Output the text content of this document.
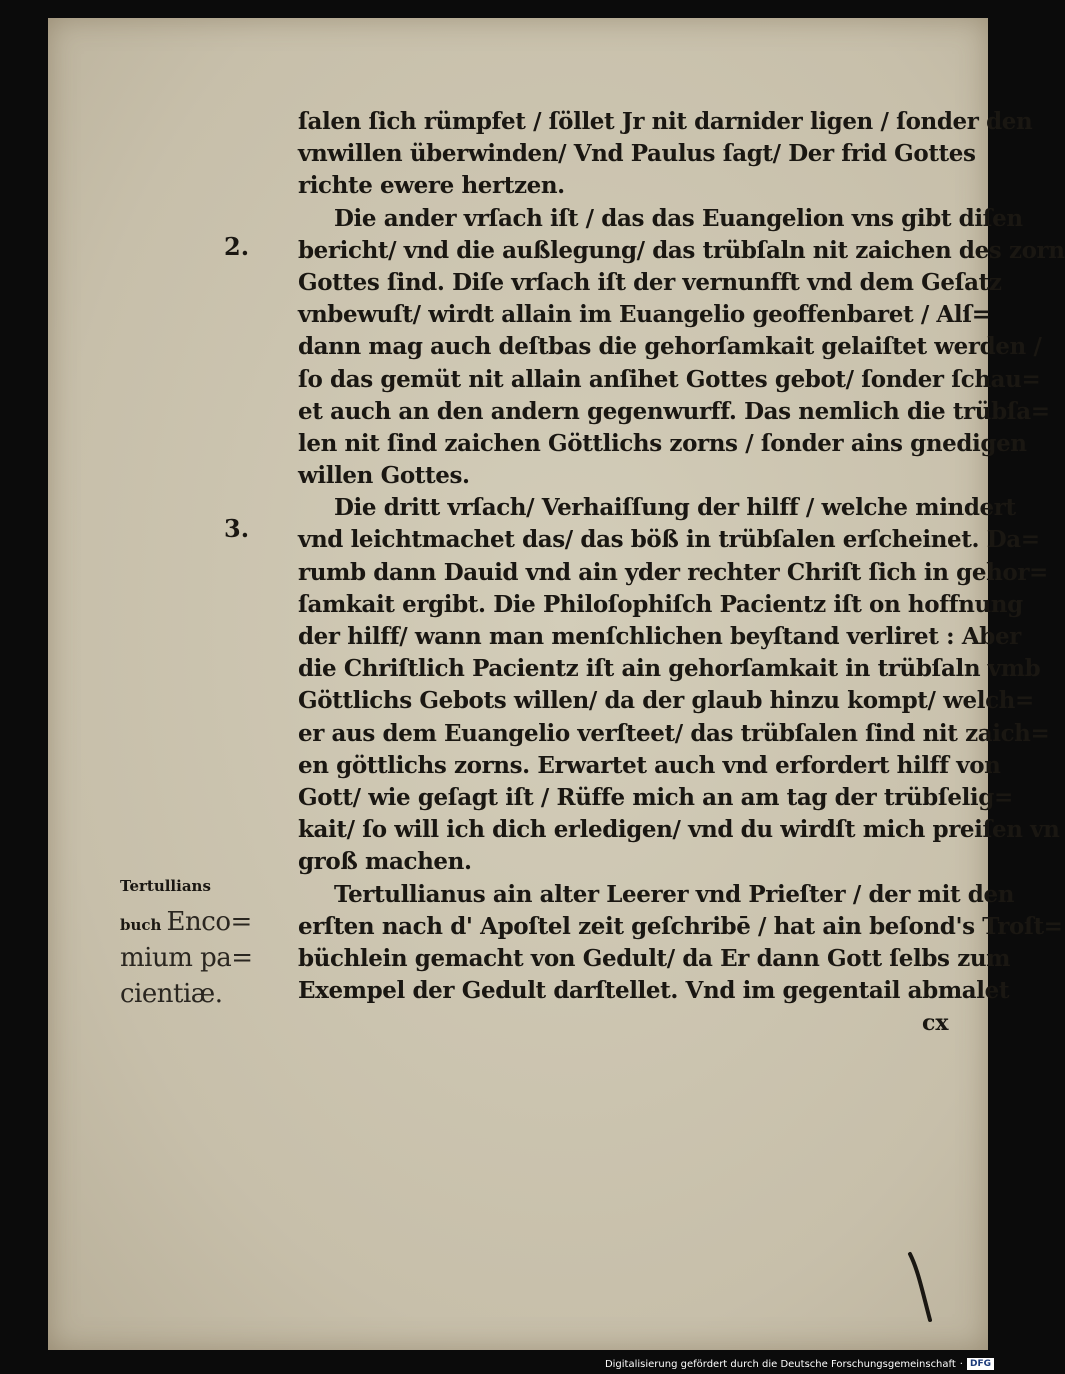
2.
3.
ſalen ſich rümpfet / ſöllet Jr nit darnider ligen / ſonder den
vnwillen überwinden/ Vnd Paulus ſagt/ Der frid Gottes
richte ewere hertzen.
Die ander vrſach iſt / das das Euangelion vns gibt diſen
bericht/ vnd die außlegung/ das trübſaln nit zaichen des zorn
Gottes ſind. Diſe vrſach iſt der vernunfft vnd dem Geſatz
vnbewuſt/ wirdt allain im Euangelio geoffenbaret / Alſ=
dann mag auch deſtbas die gehorſamkait gelaiſtet werden /
ſo das gemüt nit allain anſihet Gottes gebot/ ſonder ſchau=
et auch an den andern gegenwurff. Das nemlich die trübſa=
len nit ſind zaichen Göttlichs zorns / ſonder ains gnedigen
willen Gottes.
Die dritt vrſach/ Verhaiſſung der hilff / welche mindert
vnd leichtmachet das/ das böß in trübſalen erſcheinet. Da=
rumb dann Dauid vnd ain yder rechter Chriſt ſich in gehor=
ſamkait ergibt. Die Philoſophiſch Pacientz iſt on hoffnung
der hilff/ wann man menſchlichen beyſtand verliret : Aber
die Chriſtlich Pacientz iſt ain gehorſamkait in trübſaln vmb
Göttlichs Gebots willen/ da der glaub hinzu kompt/ welch=
er aus dem Euangelio verſteet/ das trübſalen ſind nit zaich=
en göttlichs zorns. Erwartet auch vnd erfordert hilff von
Gott/ wie geſagt iſt / Rüffe mich an am tag der trübſelig=
kait/ ſo will ich dich erledigen/ vnd du wirdſt mich preiſen vn
groß machen.
Tertullianus ain alter Leerer vnd Prieſter / der mit den
erſten nach d' Apoſtel zeit geſchribē / hat ain beſond's Troſt=
büchlein gemacht von Gedult/ da Er dann Gott ſelbs zum
Exempel der Gedult darſtellet. Vnd im gegentail abmalet
Tertullians
buch Enco=
mium pa=
cientiæ.
cx
Digitalisierung gefördert durch die Deutsche Forschungsgemeinschaft · DFG
